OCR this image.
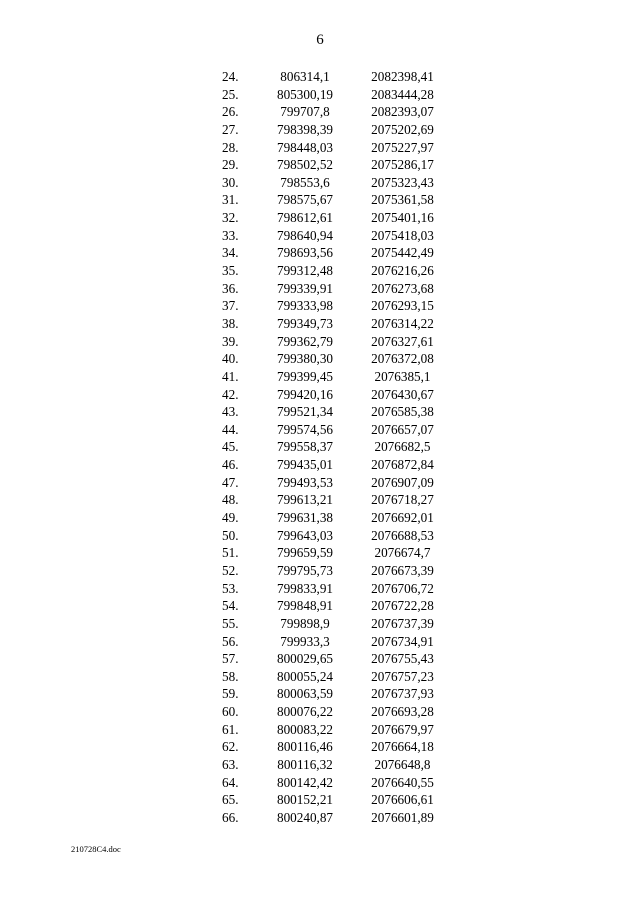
6
24.	806314,1	2082398,41
25.	805300,19	2083444,28
26.	799707,8	2082393,07
27.	798398,39	2075202,69
28.	798448,03	2075227,97
29.	798502,52	2075286,17
30.	798553,6	2075323,43
31.	798575,67	2075361,58
32.	798612,61	2075401,16
33.	798640,94	2075418,03
34.	798693,56	2075442,49
35.	799312,48	2076216,26
36.	799339,91	2076273,68
37.	799333,98	2076293,15
38.	799349,73	2076314,22
39.	799362,79	2076327,61
40.	799380,30	2076372,08
41.	799399,45	2076385,1
42.	799420,16	2076430,67
43.	799521,34	2076585,38
44.	799574,56	2076657,07
45.	799558,37	2076682,5
46.	799435,01	2076872,84
47.	799493,53	2076907,09
48.	799613,21	2076718,27
49.	799631,38	2076692,01
50.	799643,03	2076688,53
51.	799659,59	2076674,7
52.	799795,73	2076673,39
53.	799833,91	2076706,72
54.	799848,91	2076722,28
55.	799898,9	2076737,39
56.	799933,3	2076734,91
57.	800029,65	2076755,43
58.	800055,24	2076757,23
59.	800063,59	2076737,93
60.	800076,22	2076693,28
61.	800083,22	2076679,97
62.	800116,46	2076664,18
63.	800116,32	2076648,8
64.	800142,42	2076640,55
65.	800152,21	2076606,61
66.	800240,87	2076601,89
210728C4.doc
